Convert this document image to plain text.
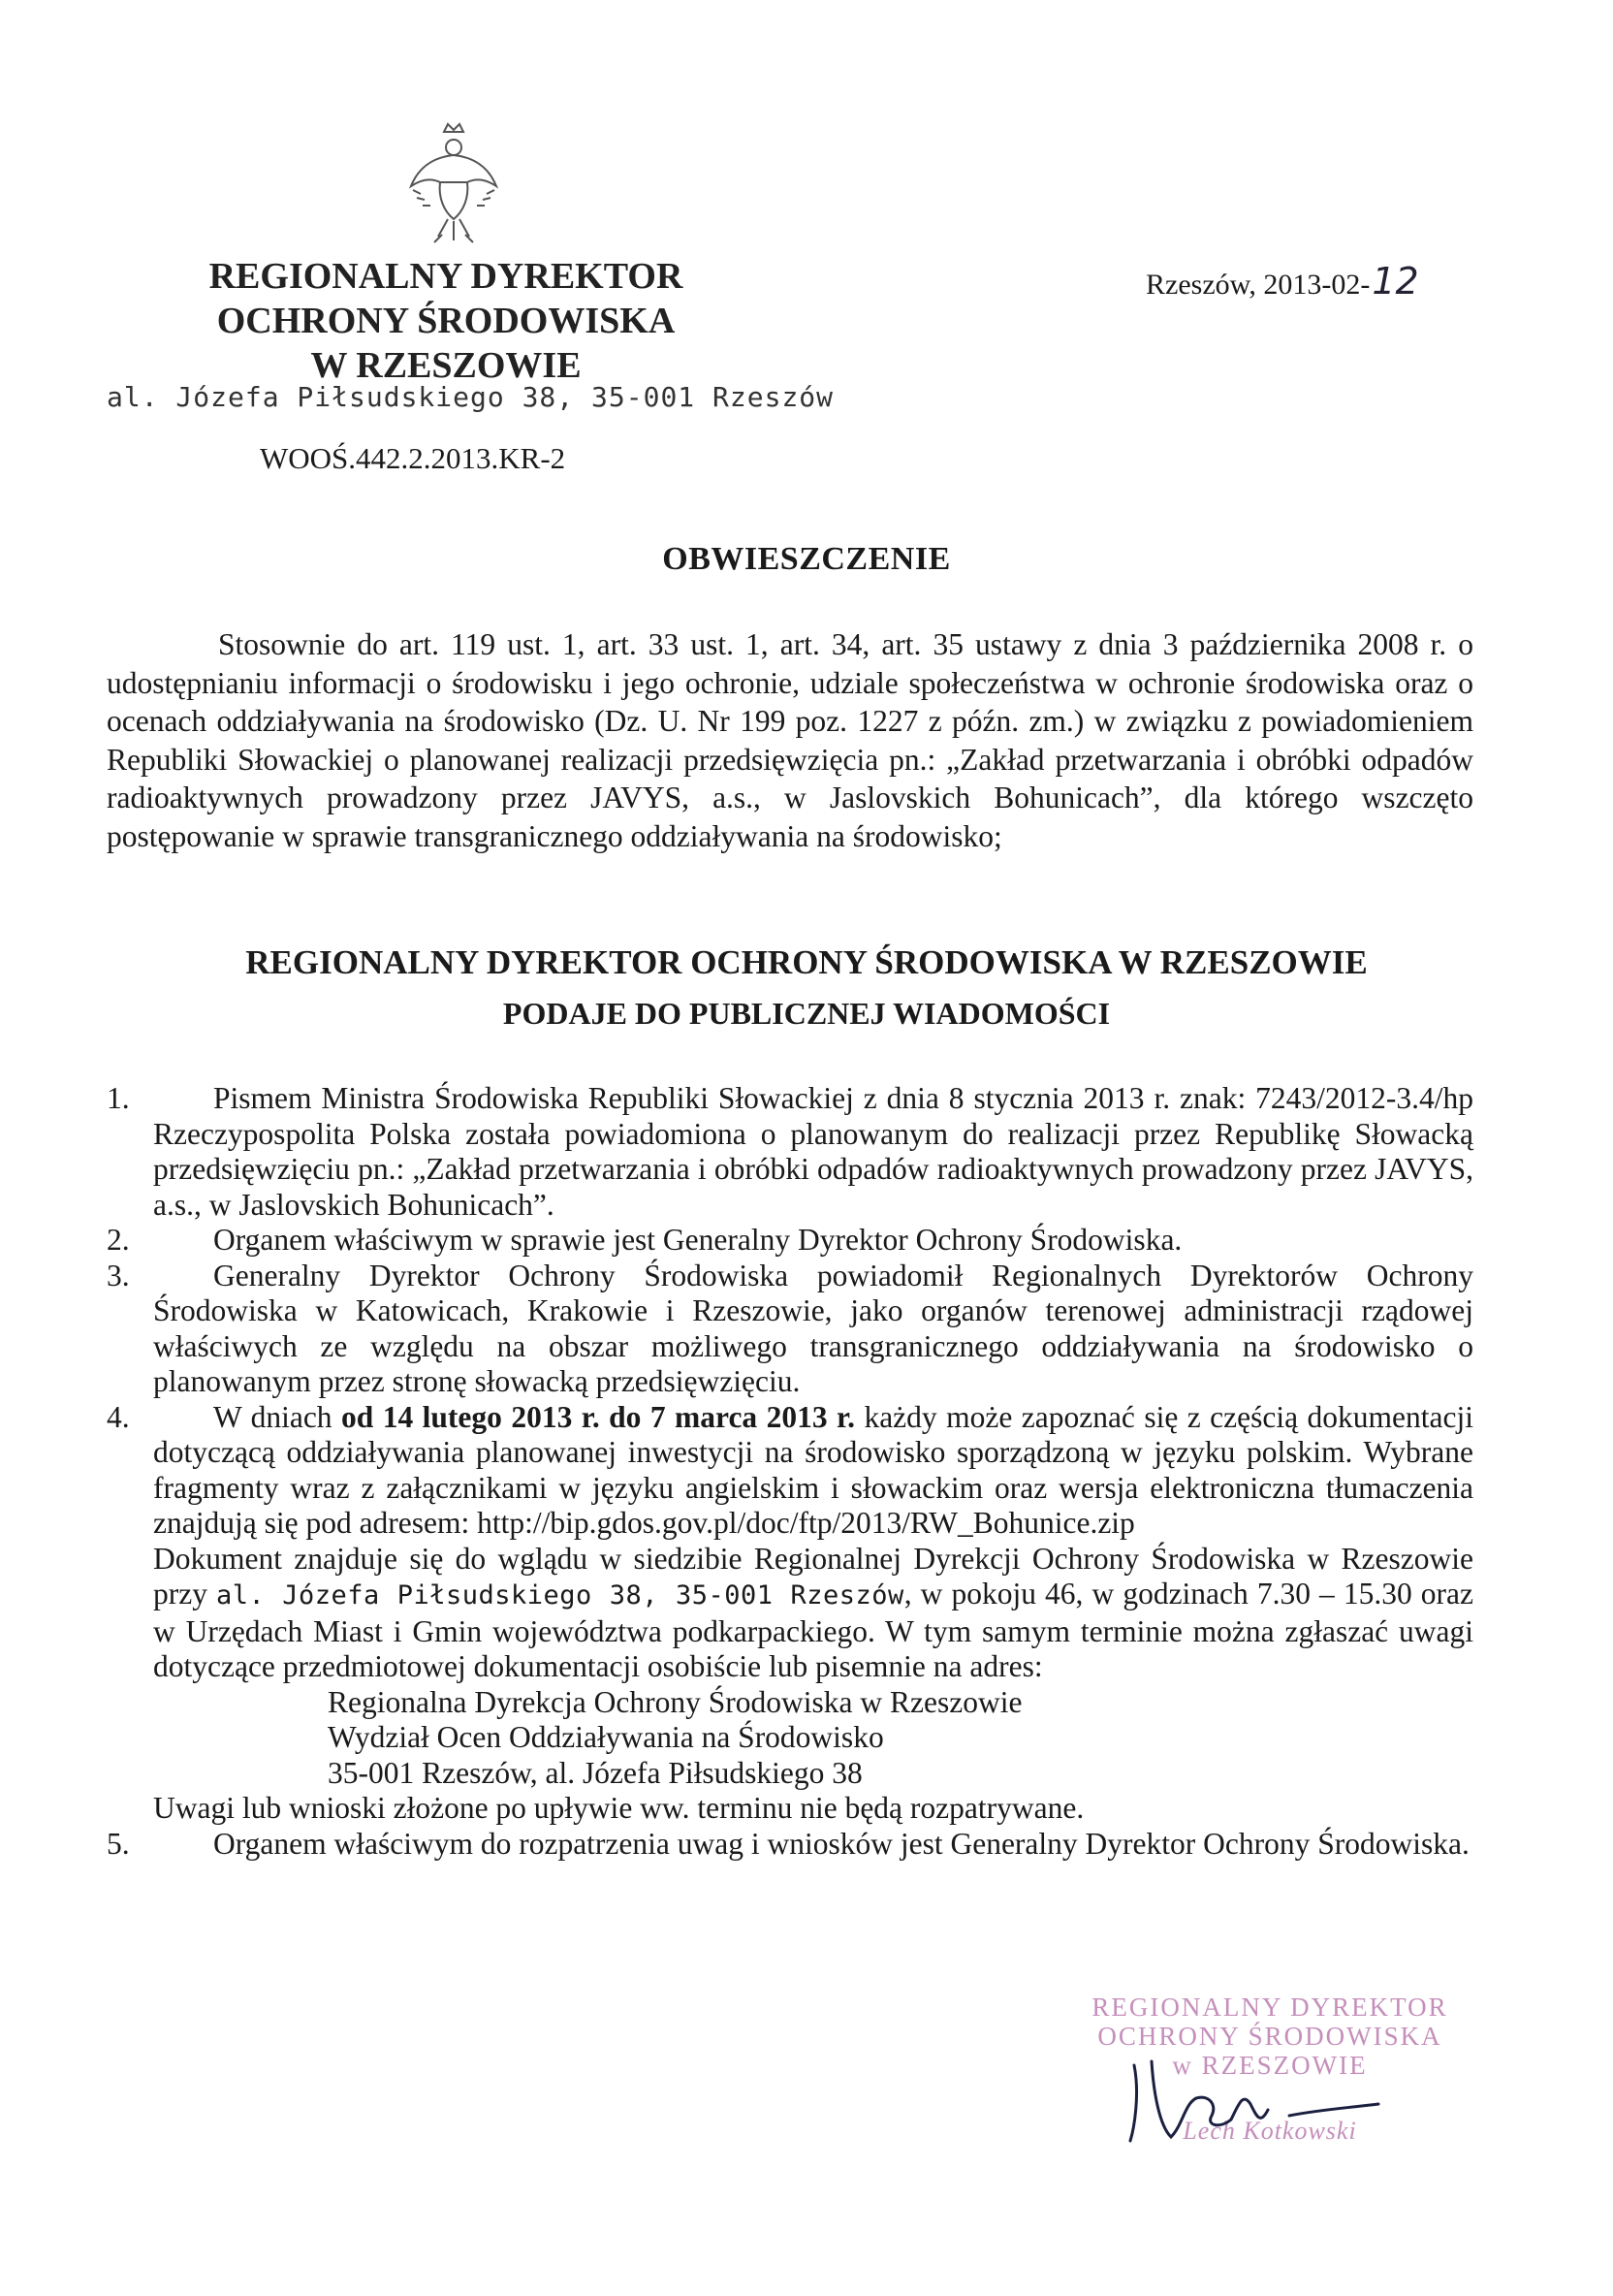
REGIONALNY DYREKTOR
OCHRONY ŚRODOWISKA
W RZESZOWIE
al. Józefa Piłsudskiego 38, 35-001 Rzeszów
Rzeszów, 2013-02-12
WOOŚ.442.2.2013.KR-2
OBWIESZCZENIE

Stosownie do art. 119 ust. 1, art. 33 ust. 1, art. 34, art. 35 ustawy z dnia 3 października 2008 r. o udostępnianiu informacji o środowisku i jego ochronie, udziale społeczeństwa w ochronie środowiska oraz o ocenach oddziaływania na środowisko (Dz. U. Nr 199 poz. 1227 z późn. zm.) w związku z powiadomieniem Republiki Słowackiej o planowanej realizacji przedsięwzięcia pn.: „Zakład przetwarzania i obróbki odpadów radioaktywnych prowadzony przez JAVYS, a.s., w Jaslovskich Bohunicach”, dla którego wszczęto postępowanie w sprawie transgranicznego oddziaływania na środowisko;

REGIONALNY DYREKTOR OCHRONY ŚRODOWISKA W RZESZOWIE
PODAJE DO PUBLICZNEJ WIADOMOŚCI
1.	Pismem Ministra Środowiska Republiki Słowackiej z dnia 8 stycznia 2013 r. znak: 7243/2012-3.4/hp Rzeczypospolita Polska została powiadomiona o planowanym do realizacji przez Republikę Słowacką przedsięwzięciu pn.: „Zakład przetwarzania i obróbki odpadów radioaktywnych prowadzony przez JAVYS, a.s., w Jaslovskich Bohunicach”.
2.	Organem właściwym w sprawie jest Generalny Dyrektor Ochrony Środowiska.
3.	Generalny Dyrektor Ochrony Środowiska powiadomił Regionalnych Dyrektorów Ochrony Środowiska w Katowicach, Krakowie i Rzeszowie, jako organów terenowej administracji rządowej właściwych ze względu na obszar możliwego transgranicznego oddziaływania na środowisko o planowanym przez stronę słowacką przedsięwzięciu.
4.	W dniach od 14 lutego 2013 r. do 7 marca 2013 r. każdy może zapoznać się z częścią dokumentacji dotyczącą oddziaływania planowanej inwestycji na środowisko sporządzoną w języku polskim. Wybrane fragmenty wraz z załącznikami w języku angielskim i słowackim oraz wersja elektroniczna tłumaczenia znajdują się pod adresem: http://bip.gdos.gov.pl/doc/ftp/2013/RW_Bohunice.zip

Dokument znajduje się do wglądu w siedzibie Regionalnej Dyrekcji Ochrony Środowiska w Rzeszowie przy al. Józefa Piłsudskiego 38, 35-001 Rzeszów, w pokoju 46, w godzinach 7.30 – 15.30 oraz w Urzędach Miast i Gmin województwa podkarpackiego. W tym samym terminie można zgłaszać uwagi dotyczące przedmiotowej dokumentacji osobiście lub pisemnie na adres:

Regionalna Dyrekcja Ochrony Środowiska w Rzeszowie
Wydział Ocen Oddziaływania na Środowisko
35-001 Rzeszów, al. Józefa Piłsudskiego 38

Uwagi lub wnioski złożone po upływie ww. terminu nie będą rozpatrywane.

5.	Organem właściwym do rozpatrzenia uwag i wniosków jest Generalny Dyrektor Ochrony Środowiska.
REGIONALNY DYREKTOR
OCHRONY ŚRODOWISKA
w RZESZOWIE
Lech Kotkowski
